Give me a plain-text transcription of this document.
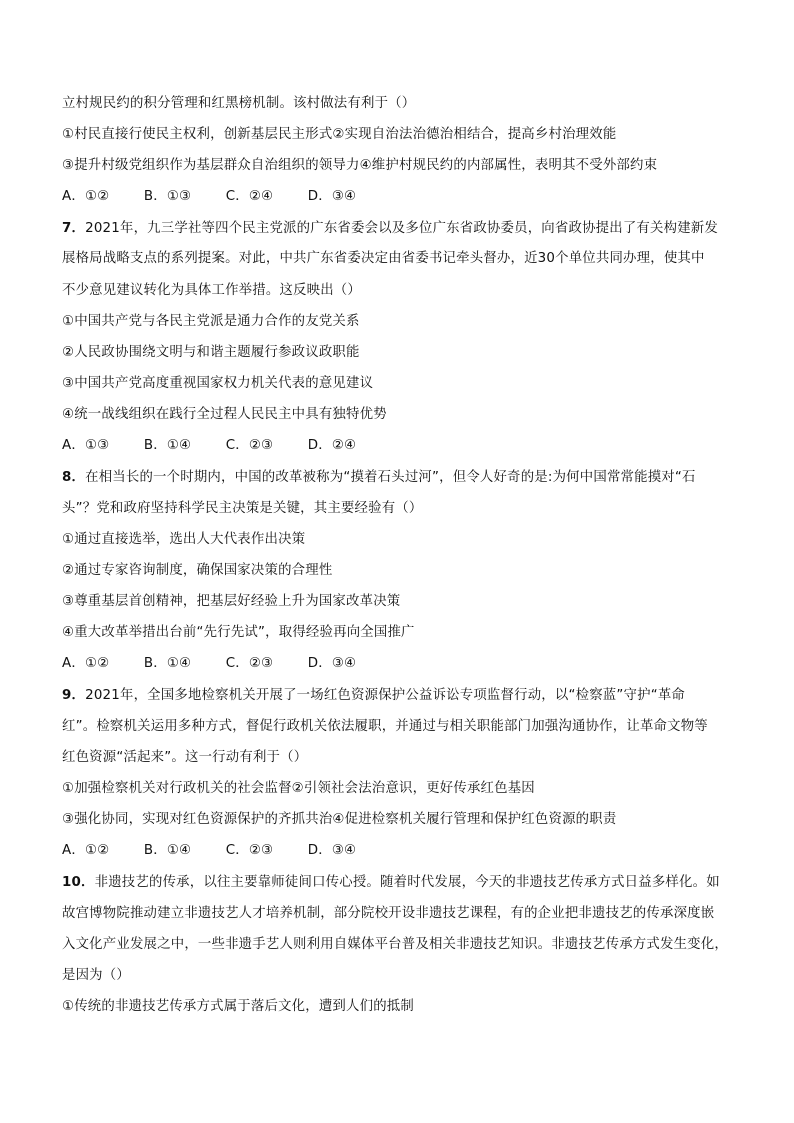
立村规民约的积分管理和红黑榜机制。该村做法有利于（）
①村民直接行使民主权利，创新基层民主形式②实现自治法治德治相结合，提高乡村治理效能
③提升村级党组织作为基层群众自治组织的领导力④维护村规民约的内部属性，表明其不受外部约束
A．①②	B．①③	C．②④	D．③④
7．2021年，九三学社等四个民主党派的广东省委会以及多位广东省政协委员，向省政协提出了有关构建新发
展格局战略支点的系列提案。对此，中共广东省委决定由省委书记牵头督办，近30个单位共同办理，使其中
不少意见建议转化为具体工作举措。这反映出（）
①中国共产党与各民主党派是通力合作的友党关系
②人民政协围绕文明与和谐主题履行参政议政职能
③中国共产党高度重视国家权力机关代表的意见建议
④统一战线组织在践行全过程人民民主中具有独特优势
A．①③	B．①④	C．②③	D．②④
8．在相当长的一个时期内，中国的改革被称为“摸着石头过河”，但令人好奇的是:为何中国常常能摸对“石
头”？党和政府坚持科学民主决策是关键，其主要经验有（）
①通过直接选举，选出人大代表作出决策
②通过专家咨询制度，确保国家决策的合理性
③尊重基层首创精神，把基层好经验上升为国家改革决策
④重大改革举措出台前“先行先试”，取得经验再向全国推广
A．①②	B．①④	C．②③	D．③④
9．2021年，全国多地检察机关开展了一场红色资源保护公益诉讼专项监督行动，以“检察蓝”守护“革命
红”。检察机关运用多种方式，督促行政机关依法履职，并通过与相关职能部门加强沟通协作，让革命文物等
红色资源“活起来”。这一行动有利于（）
①加强检察机关对行政机关的社会监督②引领社会法治意识，更好传承红色基因
③强化协同，实现对红色资源保护的齐抓共治④促进检察机关履行管理和保护红色资源的职责
A．①②	B．①④	C．②③	D．③④
10．非遗技艺的传承，以往主要靠师徒间口传心授。随着时代发展，今天的非遗技艺传承方式日益多样化。如
故宫博物院推动建立非遗技艺人才培养机制，部分院校开设非遗技艺课程，有的企业把非遗技艺的传承深度嵌
入文化产业发展之中，一些非遗手艺人则利用自媒体平台普及相关非遗技艺知识。非遗技艺传承方式发生变化，
是因为（）
①传统的非遗技艺传承方式属于落后文化，遭到人们的抵制
